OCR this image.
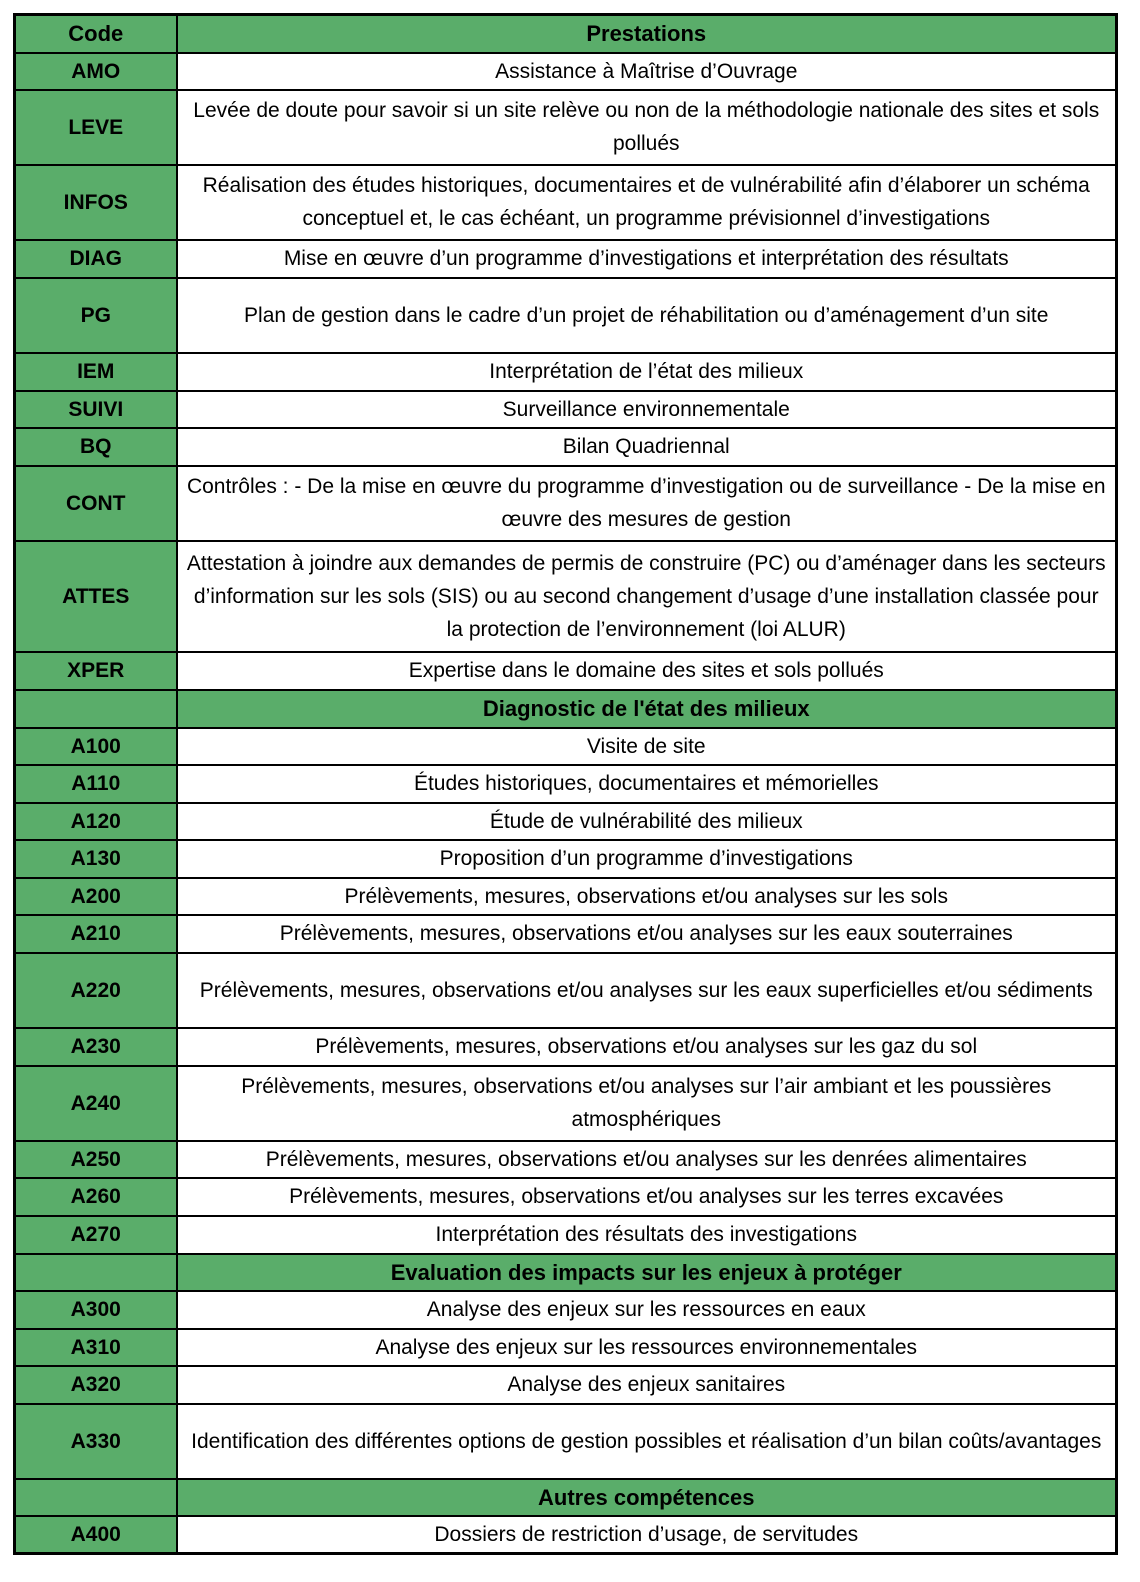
Code	Prestations
AMO	Assistance à Maîtrise d’Ouvrage
LEVE	Levée de doute pour savoir si un site relève ou non de la méthodologie nationale des sites et sols pollués
INFOS	Réalisation des études historiques, documentaires et de vulnérabilité afin d’élaborer un schéma conceptuel et, le cas échéant, un programme prévisionnel d’investigations
DIAG	Mise en œuvre d’un programme d’investigations et interprétation des résultats
PG	Plan de gestion dans le cadre d’un projet de réhabilitation ou d’aménagement d’un site
IEM	Interprétation de l’état des milieux
SUIVI	Surveillance environnementale
BQ	Bilan Quadriennal
CONT	Contrôles : - De la mise en œuvre du programme d’investigation ou de surveillance - De la mise en œuvre des mesures de gestion
ATTES	Attestation à joindre aux demandes de permis de construire (PC) ou d’aménager dans les secteurs d’information sur les sols (SIS) ou au second changement d’usage d’une installation classée pour la protection de l’environnement (loi ALUR)
XPER	Expertise dans le domaine des sites et sols pollués
	Diagnostic de l'état des milieux
A100	Visite de site
A110	Études historiques, documentaires et mémorielles
A120	Étude de vulnérabilité des milieux
A130	Proposition d’un programme d’investigations
A200	Prélèvements, mesures, observations et/ou analyses sur les sols
A210	Prélèvements, mesures, observations et/ou analyses sur les eaux souterraines
A220	Prélèvements, mesures, observations et/ou analyses sur les eaux superficielles et/ou sédiments
A230	Prélèvements, mesures, observations et/ou analyses sur les gaz du sol
A240	Prélèvements, mesures, observations et/ou analyses sur l’air ambiant et les poussières atmosphériques
A250	Prélèvements, mesures, observations et/ou analyses sur les denrées alimentaires
A260	Prélèvements, mesures, observations et/ou analyses sur les terres excavées
A270	Interprétation des résultats des investigations
	Evaluation des impacts sur les enjeux à protéger
A300	Analyse des enjeux sur les ressources en eaux
A310	Analyse des enjeux sur les ressources environnementales
A320	Analyse des enjeux sanitaires
A330	Identification des différentes options de gestion possibles et réalisation d’un bilan coûts/avantages
	Autres compétences
A400	Dossiers de restriction d’usage, de servitudes
